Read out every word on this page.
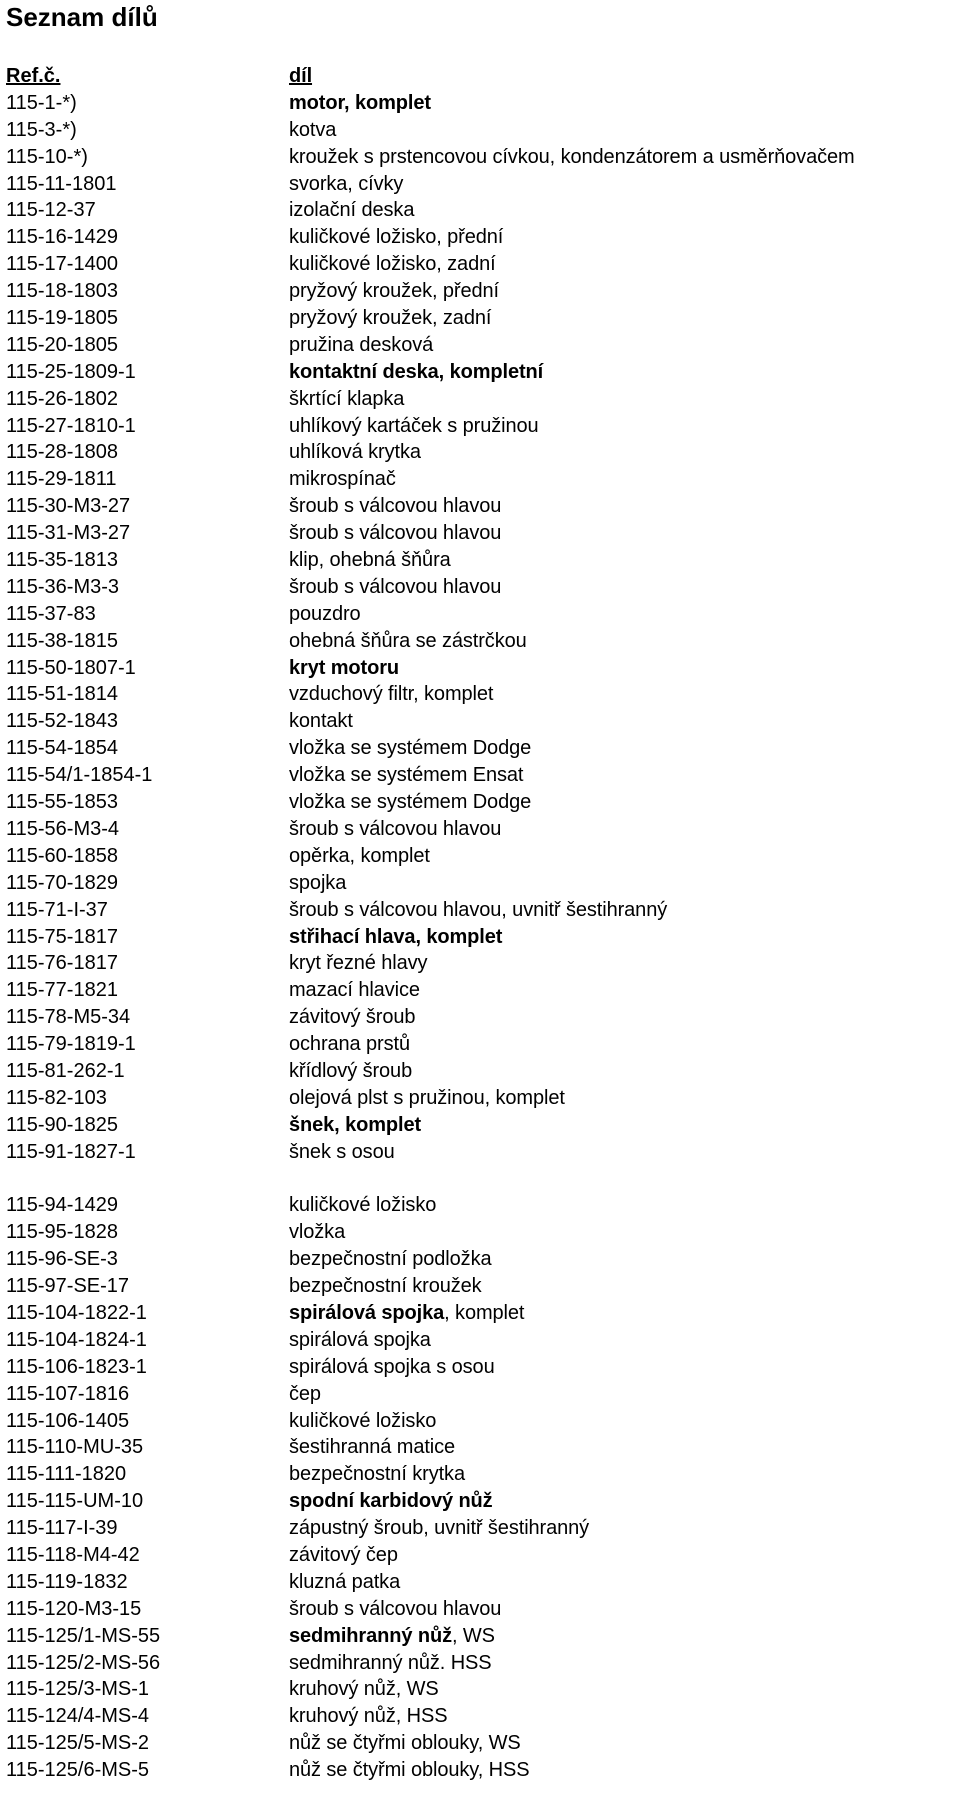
Seznam dílů
Ref.č.	díl
115-1-*)	motor, komplet
115-3-*)	kotva
115-10-*)	kroužek s prstencovou cívkou, kondenzátorem a usměrňovačem
115-11-1801	svorka, cívky
115-12-37	izolační deska
115-16-1429	kuličkové ložisko, přední
115-17-1400	kuličkové ložisko, zadní
115-18-1803	pryžový kroužek, přední
115-19-1805	pryžový kroužek, zadní
115-20-1805	pružina desková
115-25-1809-1	kontaktní deska, kompletní
115-26-1802	škrtící klapka
115-27-1810-1	uhlíkový kartáček s pružinou
115-28-1808	uhlíková krytka
115-29-1811	mikrospínač
115-30-M3-27	šroub s válcovou hlavou
115-31-M3-27	šroub s válcovou hlavou
115-35-1813	klip, ohebná šňůra
115-36-M3-3	šroub s válcovou hlavou
115-37-83	pouzdro
115-38-1815	ohebná šňůra se zástrčkou
115-50-1807-1	kryt motoru
115-51-1814	vzduchový filtr, komplet
115-52-1843	kontakt
115-54-1854	vložka se systémem Dodge
115-54/1-1854-1	vložka se systémem Ensat
115-55-1853	vložka se systémem Dodge
115-56-M3-4	šroub s válcovou hlavou
115-60-1858	opěrka, komplet
115-70-1829	spojka
115-71-I-37	šroub s válcovou hlavou, uvnitř šestihranný
115-75-1817	střihací hlava, komplet
115-76-1817	kryt řezné hlavy
115-77-1821	mazací hlavice
115-78-M5-34	závitový šroub
115-79-1819-1	ochrana prstů
115-81-262-1	křídlový šroub
115-82-103	olejová plst s pružinou, komplet
115-90-1825	šnek, komplet
115-91-1827-1	šnek s osou
115-94-1429	kuličkové ložisko
115-95-1828	vložka
115-96-SE-3	bezpečnostní podložka
115-97-SE-17	bezpečnostní kroužek
115-104-1822-1	spirálová spojka, komplet
115-104-1824-1	spirálová spojka
115-106-1823-1	spirálová spojka s osou
115-107-1816	čep
115-106-1405	kuličkové ložisko
115-110-MU-35	šestihranná matice
115-111-1820	bezpečnostní krytka
115-115-UM-10	spodní karbidový nůž
115-117-I-39	zápustný šroub, uvnitř šestihranný
115-118-M4-42	závitový čep
115-119-1832	kluzná patka
115-120-M3-15	šroub s válcovou hlavou
115-125/1-MS-55	sedmihranný nůž, WS
115-125/2-MS-56	sedmihranný nůž. HSS
115-125/3-MS-1	kruhový nůž, WS
115-124/4-MS-4	kruhový nůž, HSS
115-125/5-MS-2	nůž se čtyřmi oblouky, WS
115-125/6-MS-5	nůž se čtyřmi oblouky, HSS
